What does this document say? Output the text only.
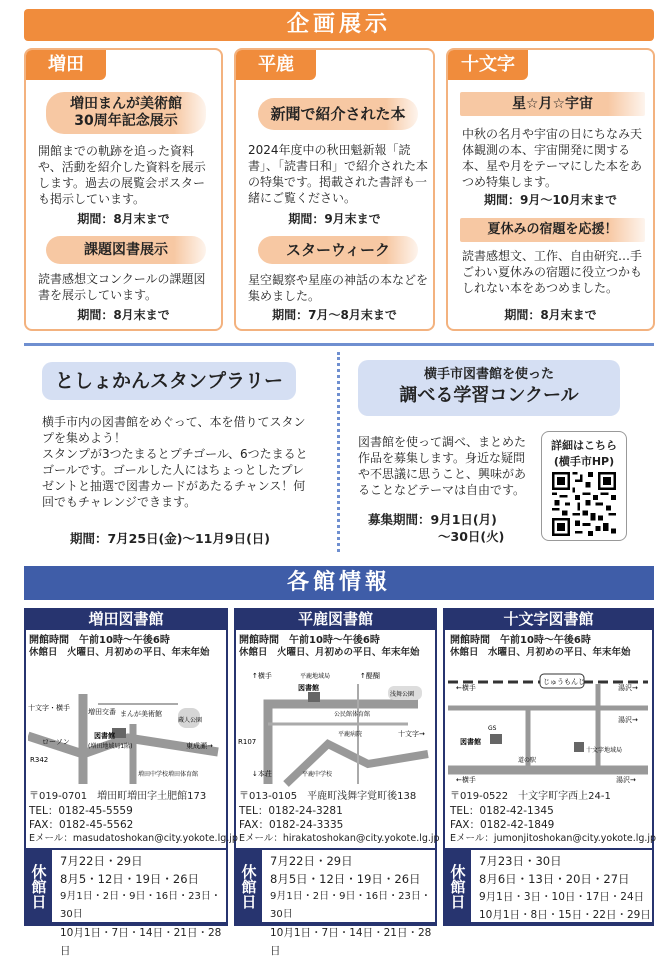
企画展示
増田
増田まんが美術館
30周年記念展示
開館までの軌跡を追った資料や、活動を紹介した資料を展示します。過去の展覧会ポスターも掲示しています。
期間：8月末まで
課題図書展示
読書感想文コンクールの課題図書を展示しています。
期間：8月末まで
平鹿
新聞で紹介された本
2024年度中の秋田魁新報「読書」、「読書日和」で紹介された本の特集です。掲載された書評も一緒にご覧ください。
期間：9月末まで
スターウィーク
星空観察や星座の神話の本などを集めました。
期間：7月～8月末まで
十文字
星☆月☆宇宙
中秋の名月や宇宙の日にちなみ天体観測の本、宇宙開発に関する本、星や月をテーマにした本をあつめ特集します。
期間：9月～10月末まで
夏休みの宿題を応援！
読書感想文、工作、自由研究…手ごわい夏休みの宿題に役立つかもしれない本をあつめました。
期間：8月末まで
としょかんスタンプラリー
横手市内の図書館をめぐって、本を借りてスタンプを集めよう！
スタンプが3つたまるとプチゴール、6つたまるとゴールです。ゴールした人にはちょっとしたプレゼントと抽選で図書カードがあたるチャンス！何回でもチャレンジできます。
期間：7月25日(金)～11月9日(日)
横手市図書館を使った
調べる学習コンクール
図書館を使って調べ、まとめた作品を募集します。身近な疑問や不思議に思うこと、興味があることなどテーマは自由です。
募集期間：9月1日(月)
～30日(火)
詳細はこちら
(横手市HP)
各館情報
増田図書館
開館時間　午前10時～午後6時
休館日　火曜日、月初めの平日、年末年始
十文字・横手	増田交番 まんが美術館
図書館
(増田地域局1階)
ローソン
蔵人公園
東成瀬→
R342
増田中学校 増田体育館
〒019-0701　増田町増田字土肥館173
TEL：0182-45-5559
FAX：0182-45-5562
Eメール：masudatoshokan@city.yokote.lg.jp
休館日
7月22日・29日
8月5・12日・19日・26日
9月1日・2日・9日・16日・23日・30日
10月1日・7日・14日・21日・28日
平鹿図書館
開館時間　午前10時～午後6時
休館日　火曜日、月初めの平日、年末年始
↑横手	平鹿地域局
図書館
↑醍醐
浅舞公園
公民館体育館
平鹿病院	十文字→
R107
↓本荘	平鹿中学校
〒013-0105　平鹿町浅舞字覚町後138
TEL：0182-24-3281
FAX：0182-24-3335
Eメール：hirakatoshokan@city.yokote.lg.jp
休館日
7月22日・29日
8月5日・12日・19日・26日
9月1日・2日・9日・16日・23日・30日
10月1日・7日・14日・21日・28日
十文字図書館
開館時間　午前10時～午後6時
休館日　水曜日、月初めの平日、年末年始
←横手
じゅうもんじ
湯沢→
湯沢→
GS
図書館
道の駅
十文字地域局
←横手	湯沢→
〒019-0522　十文字町字西上24-1
TEL：0182-42-1345
FAX：0182-42-1849
Eメール：jumonjitoshokan@city.yokote.lg.jp
休館日
7月23日・30日
8月6日・13日・20日・27日
9月1日・3日・10日・17日・24日
10月1日・8日・15日・22日・29日
